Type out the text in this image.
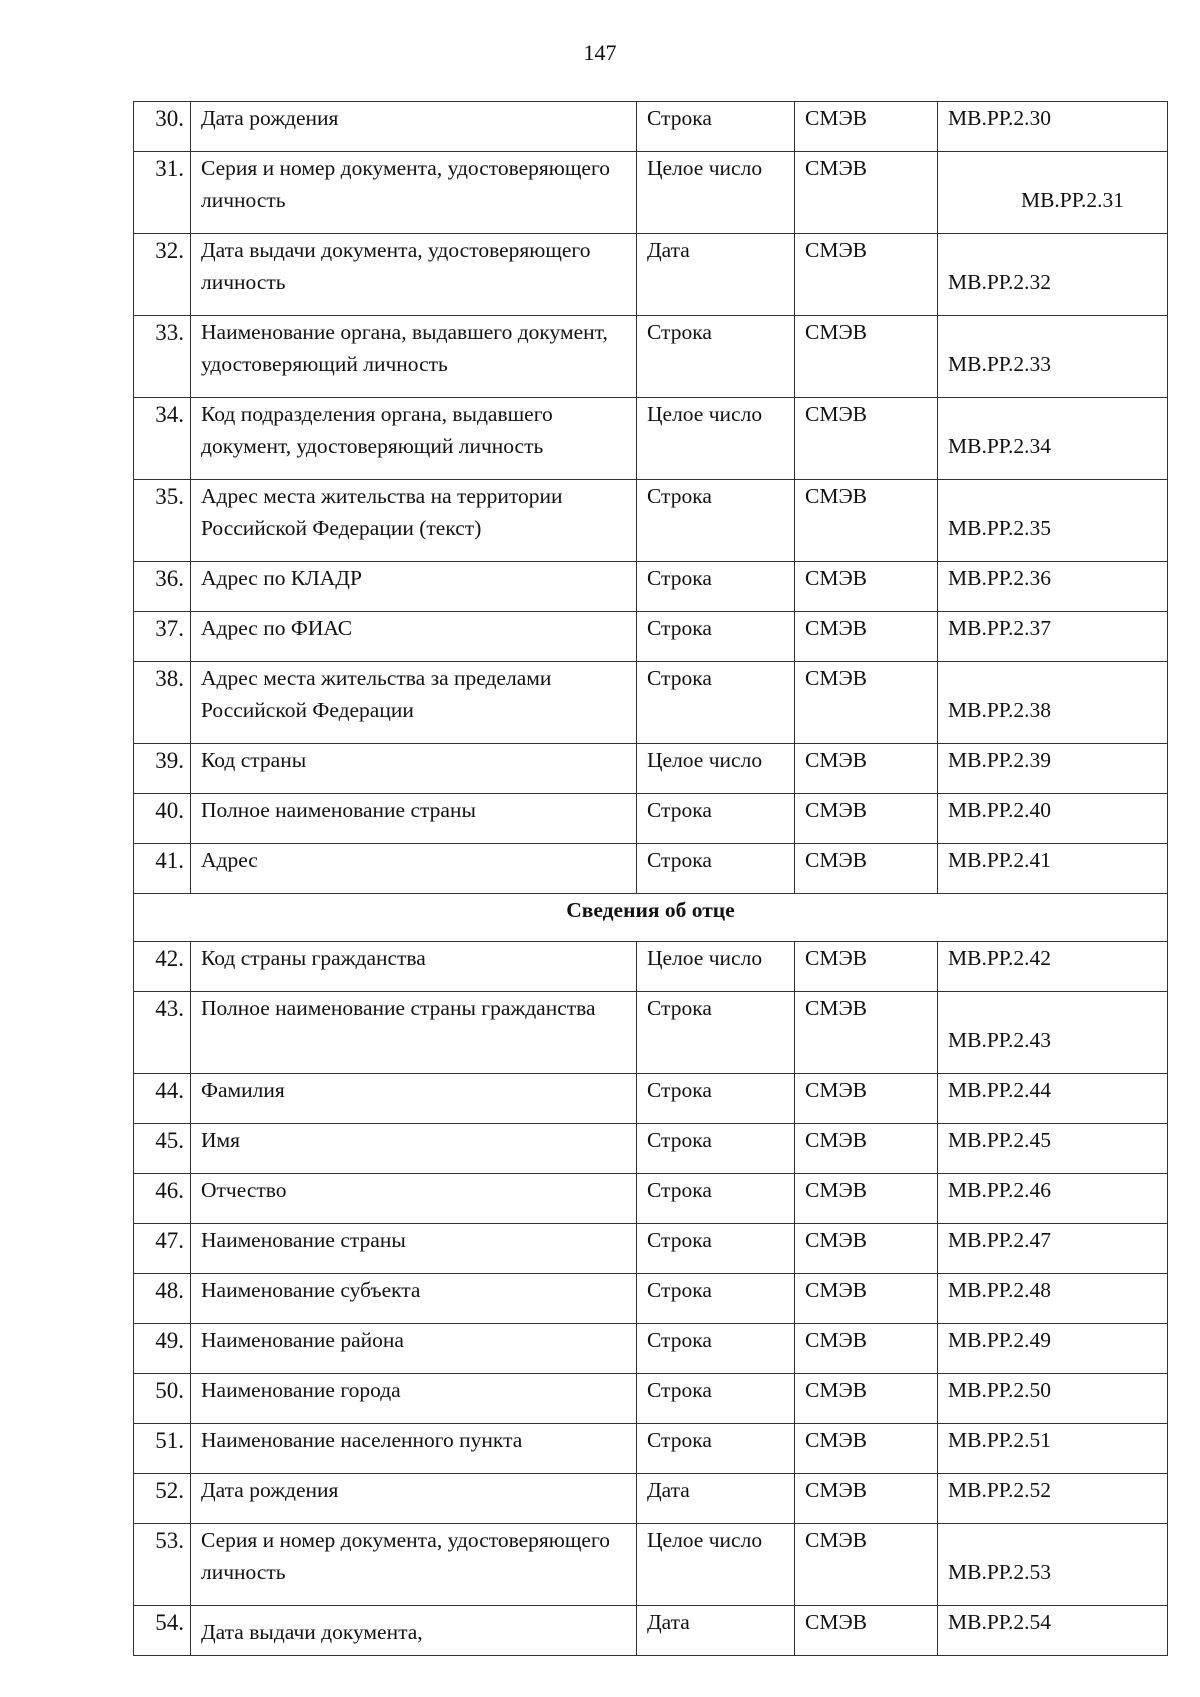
147
30.	Дата рождения	Строка	СМЭВ	МВ.РР.2.30

31.	Серия и номер документа, удостоверяющего личность	Целое число	СМЭВ	МВ.РР.2.31

32.	Дата выдачи документа, удостоверяющего личность	Дата	СМЭВ	МВ.РР.2.32

33.	Наименование органа, выдавшего документ, удостоверяющий личность	Строка	СМЭВ	МВ.РР.2.33

34.	Код подразделения органа, выдавшего документ, удостоверяющий личность	Целое число	СМЭВ	МВ.РР.2.34

35.	Адрес места жительства на территории Российской Федерации (текст)	Строка	СМЭВ	МВ.РР.2.35

36.	Адрес по КЛАДР	Строка	СМЭВ	МВ.РР.2.36

37.	Адрес по ФИАС	Строка	СМЭВ	МВ.РР.2.37

38.	Адрес места жительства за пределами Российской Федерации	Строка	СМЭВ	МВ.РР.2.38

39.	Код страны	Целое число	СМЭВ	МВ.РР.2.39

40.	Полное наименование страны	Строка	СМЭВ	МВ.РР.2.40

41.	Адрес	Строка	СМЭВ	МВ.РР.2.41
Сведения об отце				

42.	Код страны гражданства	Целое число	СМЭВ	МВ.РР.2.42

43.	Полное наименование страны гражданства	Строка	СМЭВ	МВ.РР.2.43

44.	Фамилия	Строка	СМЭВ	МВ.РР.2.44

45.	Имя	Строка	СМЭВ	МВ.РР.2.45

46.	Отчество	Строка	СМЭВ	МВ.РР.2.46

47.	Наименование страны	Строка	СМЭВ	МВ.РР.2.47

48.	Наименование субъекта	Строка	СМЭВ	МВ.РР.2.48

49.	Наименование района	Строка	СМЭВ	МВ.РР.2.49

50.	Наименование города	Строка	СМЭВ	МВ.РР.2.50

51.	Наименование населенного пункта	Строка	СМЭВ	МВ.РР.2.51

52.	Дата рождения	Дата	СМЭВ	МВ.РР.2.52

53.	Серия и номер документа, удостоверяющего личность	Целое число	СМЭВ	МВ.РР.2.53

54.	Дата выдачи документа,	Дата	СМЭВ	МВ.РР.2.54
